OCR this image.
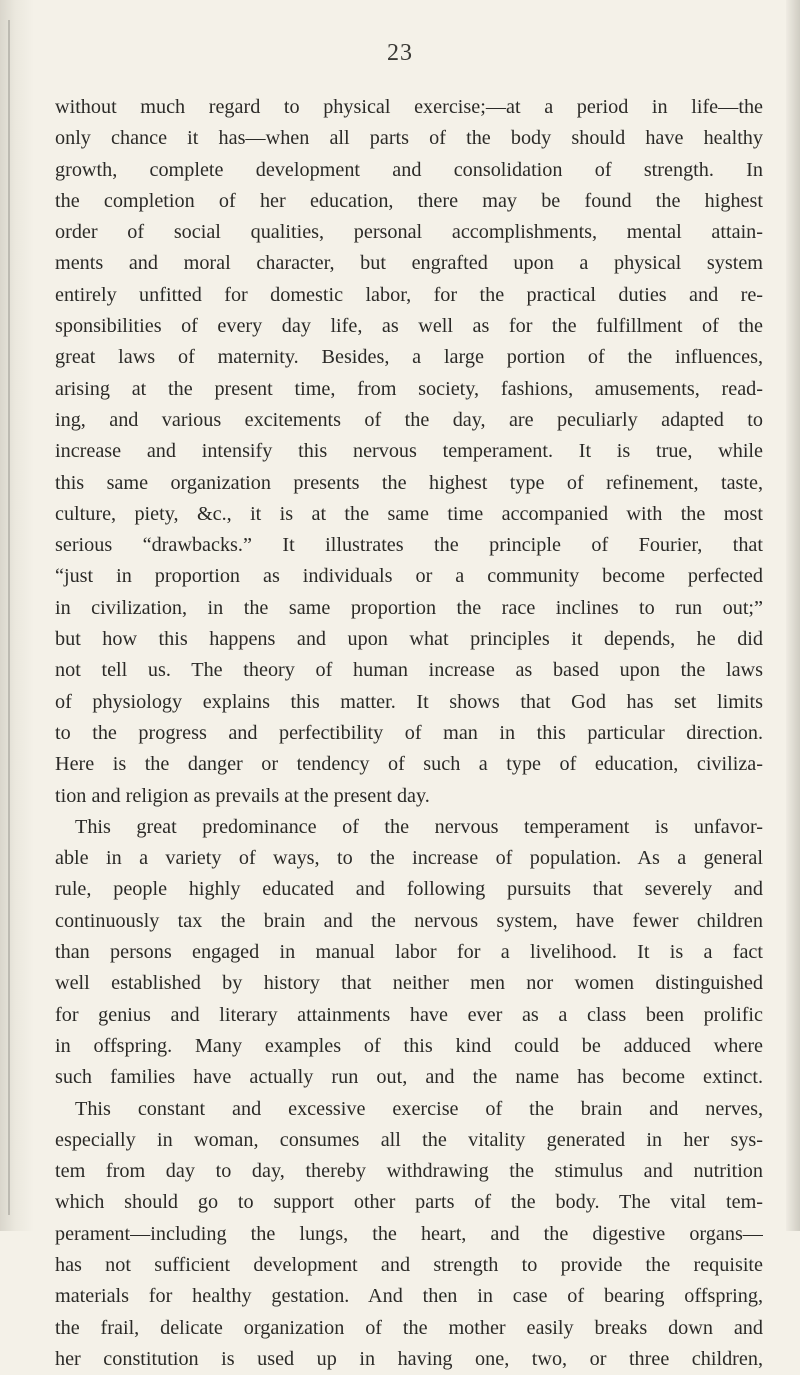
23
without much regard to physical exercise;—at a period in life—the
only chance it has—when all parts of the body should have healthy
growth, complete development and consolidation of strength. In
the completion of her education, there may be found the highest
order of social qualities, personal accomplishments, mental attain-
ments and moral character, but engrafted upon a physical system
entirely unfitted for domestic labor, for the practical duties and re-
sponsibilities of every day life, as well as for the fulfillment of the
great laws of maternity. Besides, a large portion of the influences,
arising at the present time, from society, fashions, amusements, read-
ing, and various excitements of the day, are peculiarly adapted to
increase and intensify this nervous temperament. It is true, while
this same organization presents the highest type of refinement, taste,
culture, piety, &c., it is at the same time accompanied with the most
serious “drawbacks.” It illustrates the principle of Fourier, that
“just in proportion as individuals or a community become perfected
in civilization, in the same proportion the race inclines to run out;”
but how this happens and upon what principles it depends, he did
not tell us. The theory of human increase as based upon the laws
of physiology explains this matter. It shows that God has set limits
to the progress and perfectibility of man in this particular direction.
Here is the danger or tendency of such a type of education, civiliza-
tion and religion as prevails at the present day.
This great predominance of the nervous temperament is unfavor-
able in a variety of ways, to the increase of population. As a general
rule, people highly educated and following pursuits that severely and
continuously tax the brain and the nervous system, have fewer children
than persons engaged in manual labor for a livelihood. It is a fact
well established by history that neither men nor women distinguished
for genius and literary attainments have ever as a class been prolific
in offspring. Many examples of this kind could be adduced where
such families have actually run out, and the name has become extinct.
This constant and excessive exercise of the brain and nerves,
especially in woman, consumes all the vitality generated in her sys-
tem from day to day, thereby withdrawing the stimulus and nutrition
which should go to support other parts of the body. The vital tem-
perament—including the lungs, the heart, and the digestive organs—
has not sufficient development and strength to provide the requisite
materials for healthy gestation. And then in case of bearing offspring,
the frail, delicate organization of the mother easily breaks down and
her constitution is used up in having one, two, or three children,
